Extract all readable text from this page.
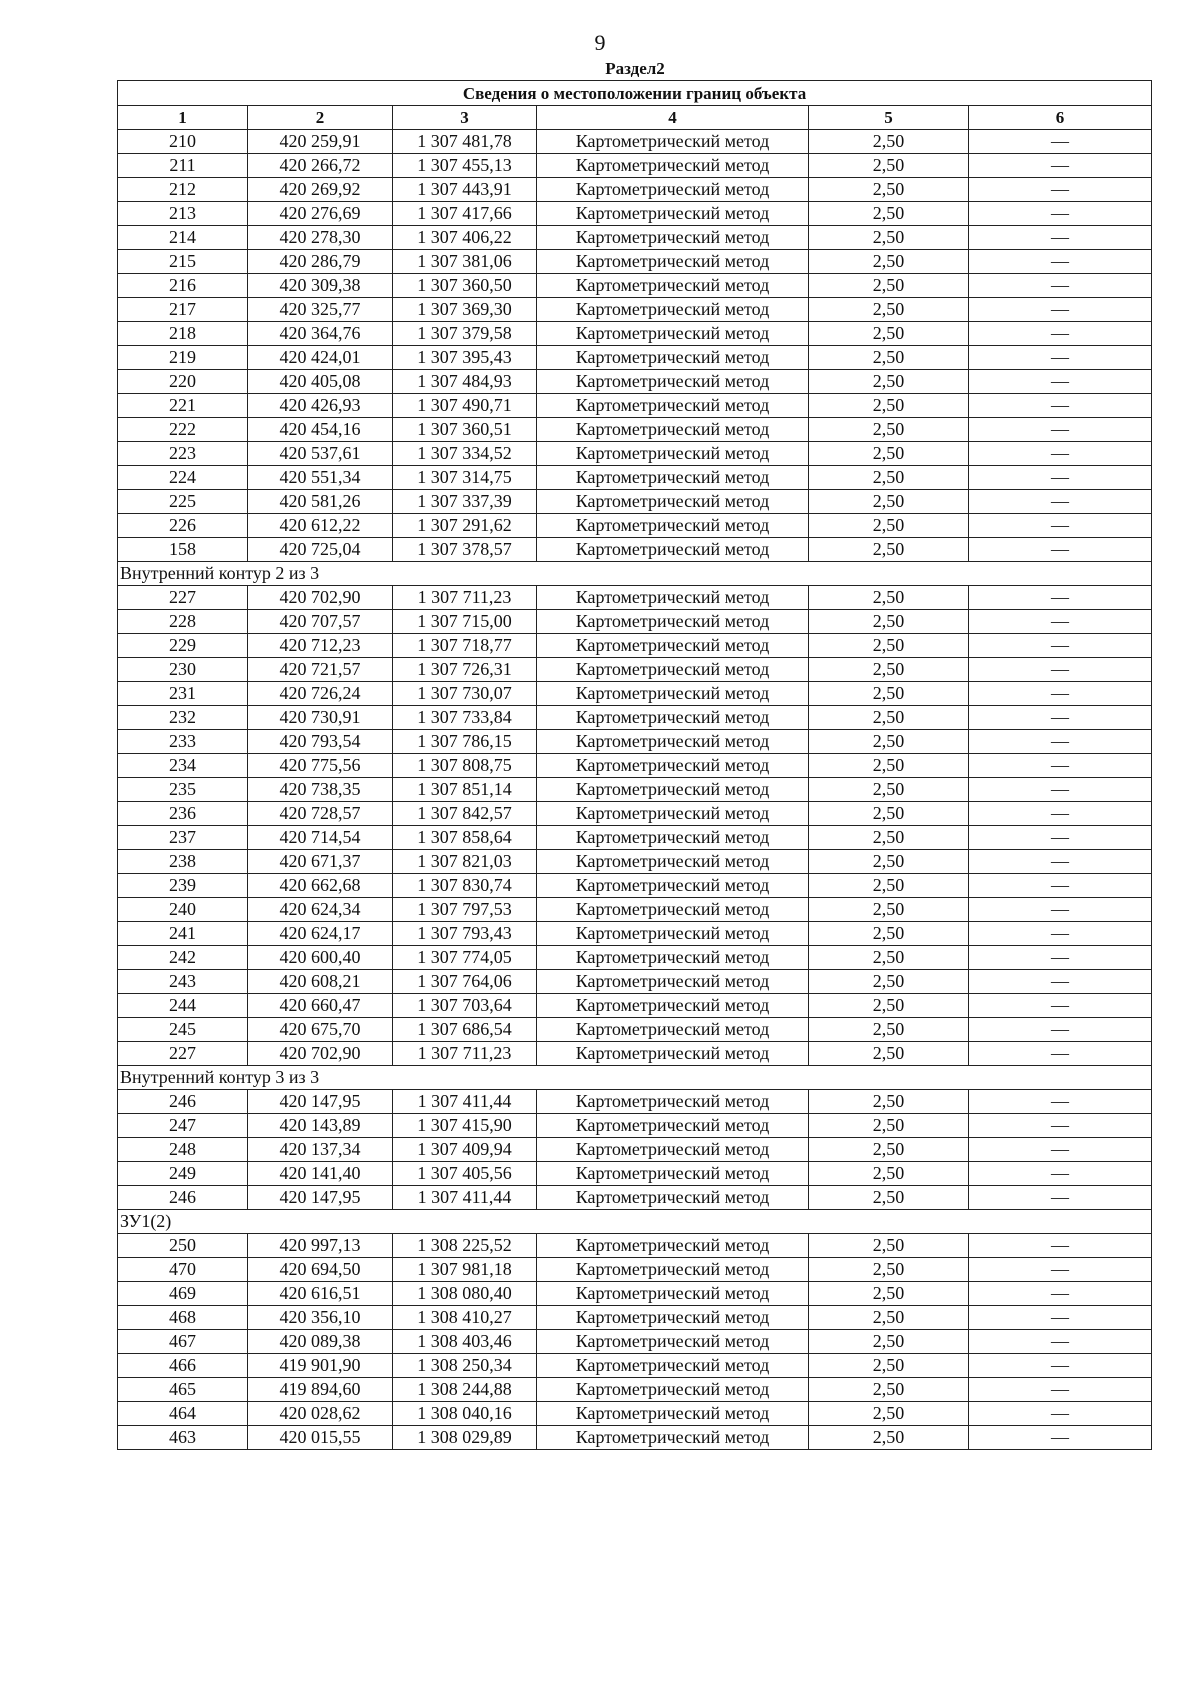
9
Раздел2
Сведения о местоположении границ объекта					
1	2	3	4	5	6
210	420 259,91	1 307 481,78	Картометрический метод	2,50	—
211	420 266,72	1 307 455,13	Картометрический метод	2,50	—
212	420 269,92	1 307 443,91	Картометрический метод	2,50	—
213	420 276,69	1 307 417,66	Картометрический метод	2,50	—
214	420 278,30	1 307 406,22	Картометрический метод	2,50	—
215	420 286,79	1 307 381,06	Картометрический метод	2,50	—
216	420 309,38	1 307 360,50	Картометрический метод	2,50	—
217	420 325,77	1 307 369,30	Картометрический метод	2,50	—
218	420 364,76	1 307 379,58	Картометрический метод	2,50	—
219	420 424,01	1 307 395,43	Картометрический метод	2,50	—
220	420 405,08	1 307 484,93	Картометрический метод	2,50	—
221	420 426,93	1 307 490,71	Картометрический метод	2,50	—
222	420 454,16	1 307 360,51	Картометрический метод	2,50	—
223	420 537,61	1 307 334,52	Картометрический метод	2,50	—
224	420 551,34	1 307 314,75	Картометрический метод	2,50	—
225	420 581,26	1 307 337,39	Картометрический метод	2,50	—
226	420 612,22	1 307 291,62	Картометрический метод	2,50	—
158	420 725,04	1 307 378,57	Картометрический метод	2,50	—
Внутренний контур 2 из 3					
227	420 702,90	1 307 711,23	Картометрический метод	2,50	—
228	420 707,57	1 307 715,00	Картометрический метод	2,50	—
229	420 712,23	1 307 718,77	Картометрический метод	2,50	—
230	420 721,57	1 307 726,31	Картометрический метод	2,50	—
231	420 726,24	1 307 730,07	Картометрический метод	2,50	—
232	420 730,91	1 307 733,84	Картометрический метод	2,50	—
233	420 793,54	1 307 786,15	Картометрический метод	2,50	—
234	420 775,56	1 307 808,75	Картометрический метод	2,50	—
235	420 738,35	1 307 851,14	Картометрический метод	2,50	—
236	420 728,57	1 307 842,57	Картометрический метод	2,50	—
237	420 714,54	1 307 858,64	Картометрический метод	2,50	—
238	420 671,37	1 307 821,03	Картометрический метод	2,50	—
239	420 662,68	1 307 830,74	Картометрический метод	2,50	—
240	420 624,34	1 307 797,53	Картометрический метод	2,50	—
241	420 624,17	1 307 793,43	Картометрический метод	2,50	—
242	420 600,40	1 307 774,05	Картометрический метод	2,50	—
243	420 608,21	1 307 764,06	Картометрический метод	2,50	—
244	420 660,47	1 307 703,64	Картометрический метод	2,50	—
245	420 675,70	1 307 686,54	Картометрический метод	2,50	—
227	420 702,90	1 307 711,23	Картометрический метод	2,50	—
Внутренний контур 3 из 3					
246	420 147,95	1 307 411,44	Картометрический метод	2,50	—
247	420 143,89	1 307 415,90	Картометрический метод	2,50	—
248	420 137,34	1 307 409,94	Картометрический метод	2,50	—
249	420 141,40	1 307 405,56	Картометрический метод	2,50	—
246	420 147,95	1 307 411,44	Картометрический метод	2,50	—
ЗУ1(2)					
250	420 997,13	1 308 225,52	Картометрический метод	2,50	—
470	420 694,50	1 307 981,18	Картометрический метод	2,50	—
469	420 616,51	1 308 080,40	Картометрический метод	2,50	—
468	420 356,10	1 308 410,27	Картометрический метод	2,50	—
467	420 089,38	1 308 403,46	Картометрический метод	2,50	—
466	419 901,90	1 308 250,34	Картометрический метод	2,50	—
465	419 894,60	1 308 244,88	Картометрический метод	2,50	—
464	420 028,62	1 308 040,16	Картометрический метод	2,50	—
463	420 015,55	1 308 029,89	Картометрический метод	2,50	—
